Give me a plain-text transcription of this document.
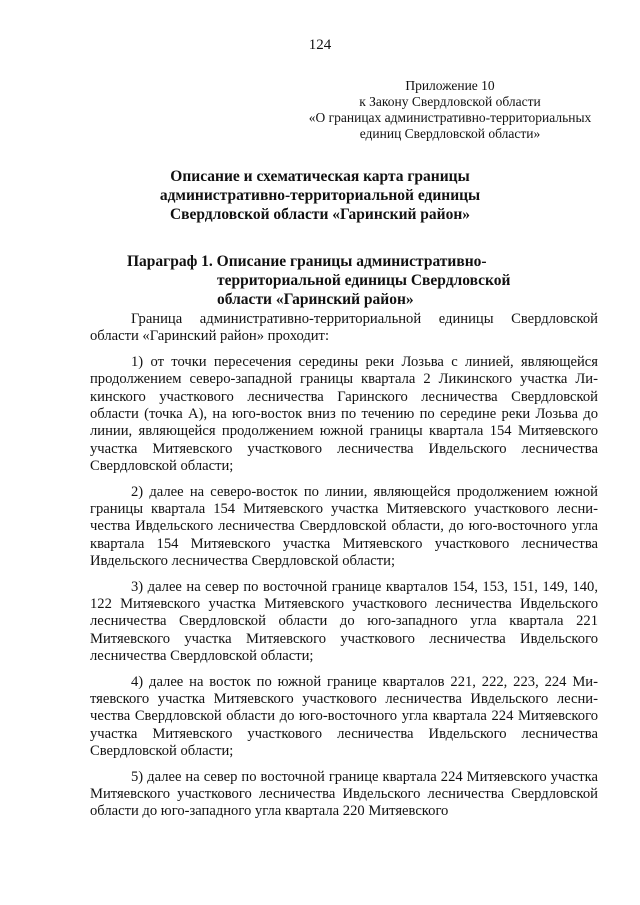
124
Приложение 10
к Закону Свердловской области
«О границах административно-территориальных
единиц Свердловской области»
Описание и схематическая карта границы
административно-территориальной единицы
Свердловской области «Гаринский район»
Параграф 1. Описание границы административно-
территориальной единицы Свердловской
области «Гаринский район»

Граница административно-территориальной единицы Свердловской области «Гаринский район» проходит:

1) от точки пересечения середины реки Лозьва с линией, являющейся продолжением северо-западной границы квартала 2 Ликинского участка Ликинского участкового лесничества Гаринского лесничества Свердловской области (точка А), на юго-восток вниз по течению по середине реки Лозьва до линии, являющейся продолжением южной границы квартала 154 Митяевского участка Митяевского участкового лесничества Ивдельского лесничества Свердловской области;

2) далее на северо-восток по линии, являющейся продолжением южной границы квартала 154 Митяевского участка Митяевского участкового лесничества Ивдельского лесничества Свердловской области, до юго-восточного угла квартала 154 Митяевского участка Митяевского участкового лесничества Ивдельского лесничества Свердловской области;

3) далее на север по восточной границе кварталов 154, 153, 151, 149, 140, 122 Митяевского участка Митяевского участкового лесничества Ивдельского лесничества Свердловской области до юго-западного угла квартала 221 Митяевского участка Митяевского участкового лесничества Ивдельского лесничества Свердловской области;

4) далее на восток по южной границе кварталов 221, 222, 223, 224 Митяевского участка Митяевского участкового лесничества Ивдельского лесничества Свердловской области до юго-восточного угла квартала 224 Митяевского участка Митяевского участкового лесничества Ивдельского лесничества Свердловской области;

5) далее на север по восточной границе квартала 224 Митяевского участка Митяевского участкового лесничества Ивдельского лесничества Свердловской области до юго-западного угла квартала 220 Митяевского
